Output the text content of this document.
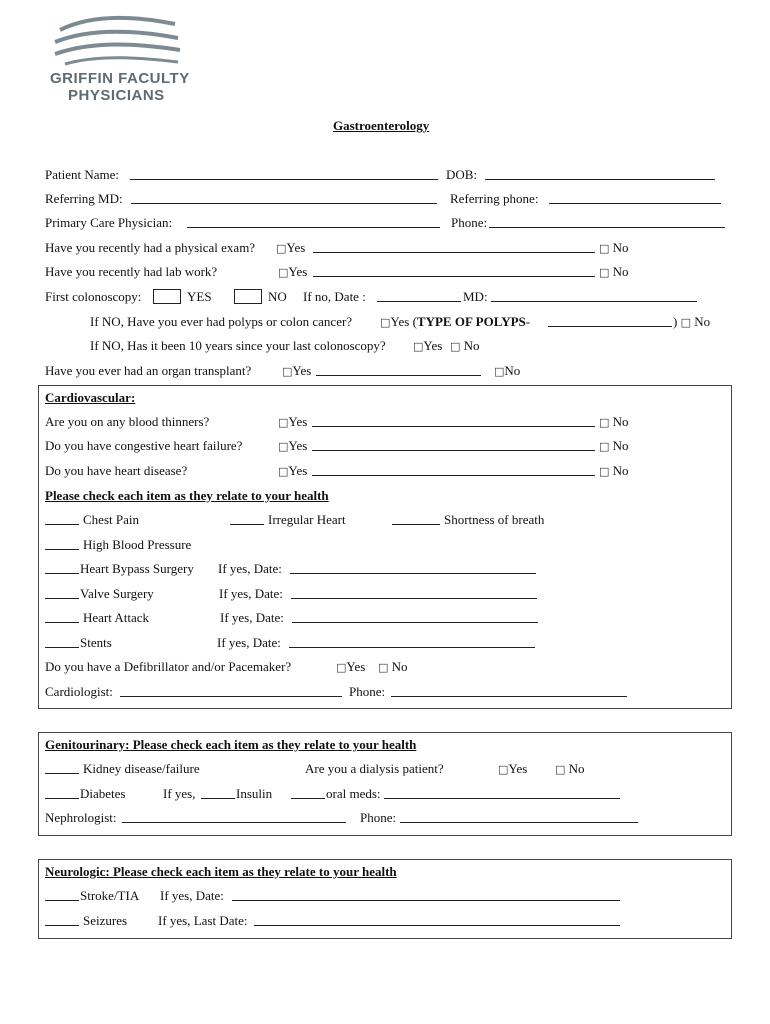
GRIFFIN FACULTY
PHYSICIANS
Gastroenterology
Patient Name:	DOB:
Referring MD:	Referring phone:
Primary Care Physician:	Phone:
Have you recently had a physical exam? □Yes	□ No
Have you recently had lab work?	□Yes	□ No
First colonoscopy:	YES	NO If no, Date :	MD:
If NO, Have you ever had polyps or colon cancer?	□Yes (TYPE OF POLYPS-	) □ No
If NO, Has it been 10 years since your last colonoscopy? □Yes □ No
Have you ever had an organ transplant?	□Yes	□No
Cardiovascular:
Are you on any blood thinners?	□Yes	□ No
Do you have congestive heart failure?	□Yes	□ No
Do you have heart disease?	□Yes	□ No
Please check each item as they relate to your health
Chest Pain	Irregular Heart	Shortness of breath
High Blood Pressure
Heart Bypass Surgery If yes, Date:
Valve Surgery	If yes, Date:
Heart Attack	If yes, Date:
Stents	If yes, Date:
Do you have a Defibrillator and/or Pacemaker?	□Yes □ No
Cardiologist:	Phone:
Genitourinary: Please check each item as they relate to your health
Kidney disease/failure	Are you a dialysis patient?	□Yes	□ No
Diabetes	If yes,	Insulin	oral meds:
Nephrologist:	Phone:
Neurologic: Please check each item as they relate to your health
Stroke/TIA If yes, Date:
Seizures If yes, Last Date:
